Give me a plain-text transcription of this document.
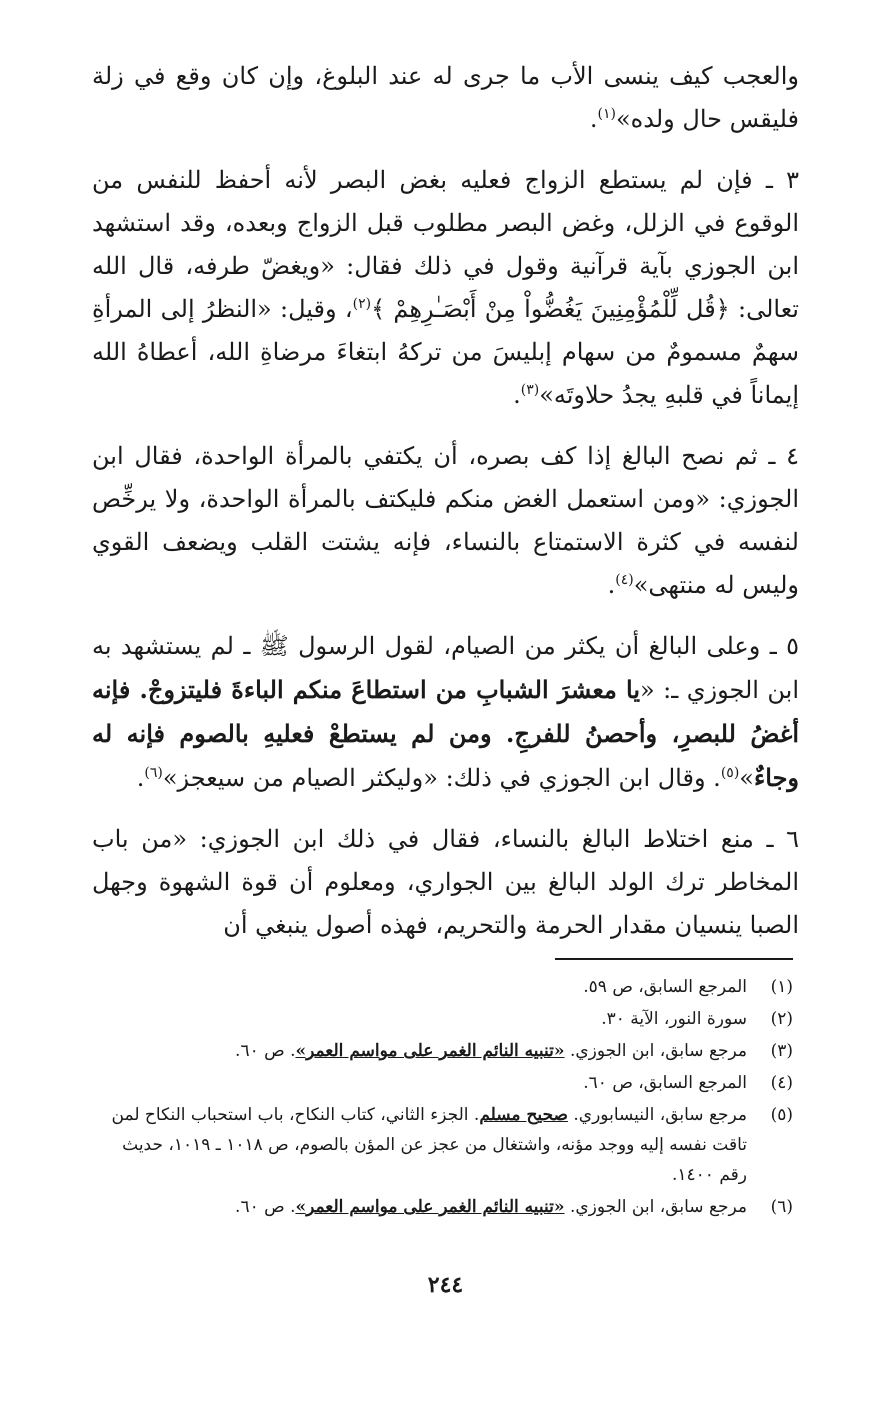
والعجب كيف ينسى الأب ما جرى له عند البلوغ، وإن كان وقع في زلة فليقس حال ولده»$^{(١)}$.

٣ ـ فإن لم يستطع الزواج فعليه بغض البصر لأنه أحفظ للنفس من الوقوع في الزلل، وغض البصر مطلوب قبل الزواج وبعده، وقد استشهد ابن الجوزي بآية قرآنية وقول في ذلك فقال: «ويغضّ طرفه، قال الله تعالى: ﴿قُل لِّلْمُؤْمِنِينَ يَغُضُّواْ مِنْ أَبْصَـٰرِهِمْ ﴾$^{(٢)}$، وقيل: «النظرُ إلى المرأةِ سهمٌ مسمومٌ من سهام إبليسَ من تركهُ ابتغاءَ مرضاةِ الله، أعطاهُ الله إيماناً في قلبهِ يجدُ حلاوتَه»$^{(٣)}$.

٤ ـ ثم نصح البالغ إذا كف بصره، أن يكتفي بالمرأة الواحدة، فقال ابن الجوزي: «ومن استعمل الغض منكم فليكتف بالمرأة الواحدة، ولا يرخِّص لنفسه في كثرة الاستمتاع بالنساء، فإنه يشتت القلب ويضعف القوي وليس له منتهى»$^{(٤)}$.

٥ ـ وعلى البالغ أن يكثر من الصيام، لقول الرسول ﷺ ـ لم يستشهد به ابن الجوزي ـ: «يا معشرَ الشبابِ من استطاعَ منكم الباءةَ فليتزوجْ. فإنه أغضُ للبصرِ، وأحصنُ للفرجِ. ومن لم يستطعْ فعليهِ بالصوم فإنه له وجاءٌ»$^{(٥)}$. وقال ابن الجوزي في ذلك: «وليكثر الصيام من سيعجز»$^{(٦)}$.

٦ ـ منع اختلاط البالغ بالنساء، فقال في ذلك ابن الجوزي: «من باب المخاطر ترك الولد البالغ بين الجواري، ومعلوم أن قوة الشهوة وجهل الصبا ينسيان مقدار الحرمة والتحريم، فهذه أصول ينبغي أن

(١)
المرجع السابق، ص ٥٩.
(٢)
سورة النور، الآية ٣٠.
(٣)
مرجع سابق، ابن الجوزي. «تنبيه النائم الغمر على مواسم العمر». ص ٦٠.
(٤)
المرجع السابق، ص ٦٠.
(٥)
مرجع سابق، النيسابوري. صحيح مسلم. الجزء الثاني، كتاب النكاح، باب استحباب النكاح لمن تاقت نفسه إليه ووجد مؤنه، واشتغال من عجز عن المؤن بالصوم، ص ١٠١٨ ـ ١٠١٩، حديث رقم ١٤٠٠.
(٦)
مرجع سابق، ابن الجوزي. «تنبيه النائم الغمر على مواسم العمر». ص ٦٠.
٢٤٤
